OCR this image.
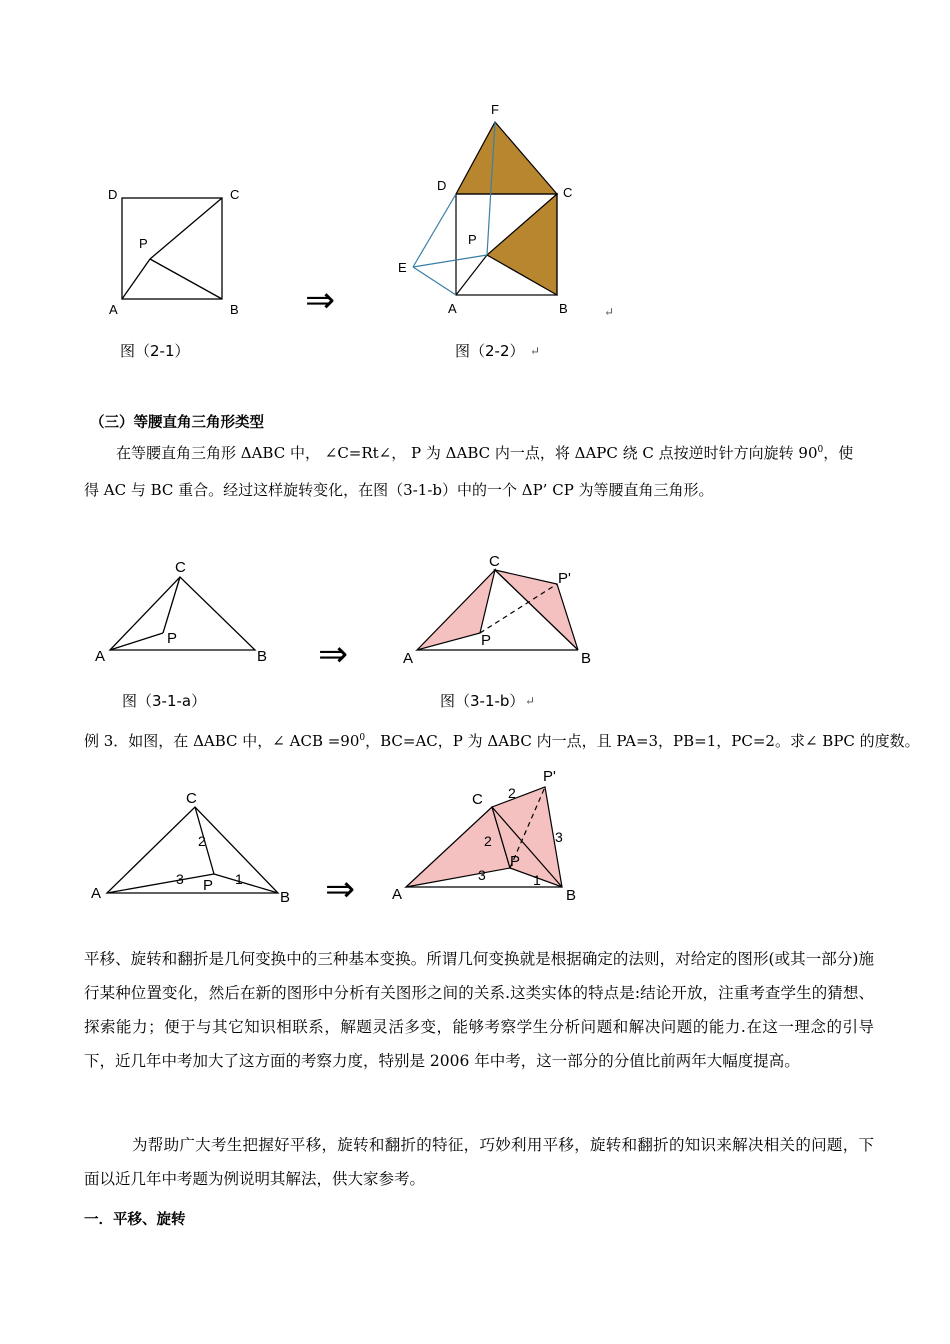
D	C
P
A	B
F
D	C
E
P
A	B
C
A
P
B
C
P'
P
A	B
C
A	P
B
2
3	1
P'
C
A
P
B
2
2
3	1
3
⇒
⇒
⇒
图（2-1）	图（2-2） ↵
↵
图（3-1-a）	图（3-1-b） ↵
（三）等腰直角三角形类型
在等腰直角三角形 ΔABC 中， ∠C=Rt∠， P 为 ΔABC 内一点，将 ΔAPC 绕 C 点按逆时针方向旋转 $90^0$，使
得 AC 与 BC 重合。经过这样旋转变化，在图（3-1-b）中的一个 ΔP’ CP 为等腰直角三角形。
例 3．如图，在 ΔABC 中，∠ ACB $=90^0$，BC=AC，P 为 ΔABC 内一点，且 PA=3，PB=1，PC=2。求∠ BPC 的度数。
平移、旋转和翻折是几何变换中的三种基本变换。所谓几何变换就是根据确定的法则，对给定的图形(或其一部分)施行某种位置变化，然后在新的图形中分析有关图形之间的关系.这类实体的特点是:结论开放，注重考查学生的猜想、探索能力；便于与其它知识相联系，解题灵活多变，能够考察学生分析问题和解决问题的能力.在这一理念的引导下，近几年中考加大了这方面的考察力度，特别是 2006 年中考，这一部分的分值比前两年大幅度提高。
为帮助广大考生把握好平移，旋转和翻折的特征，巧妙利用平移，旋转和翻折的知识来解决相关的问题，下面以近几年中考题为例说明其解法，供大家参考。
一．平移、旋转
